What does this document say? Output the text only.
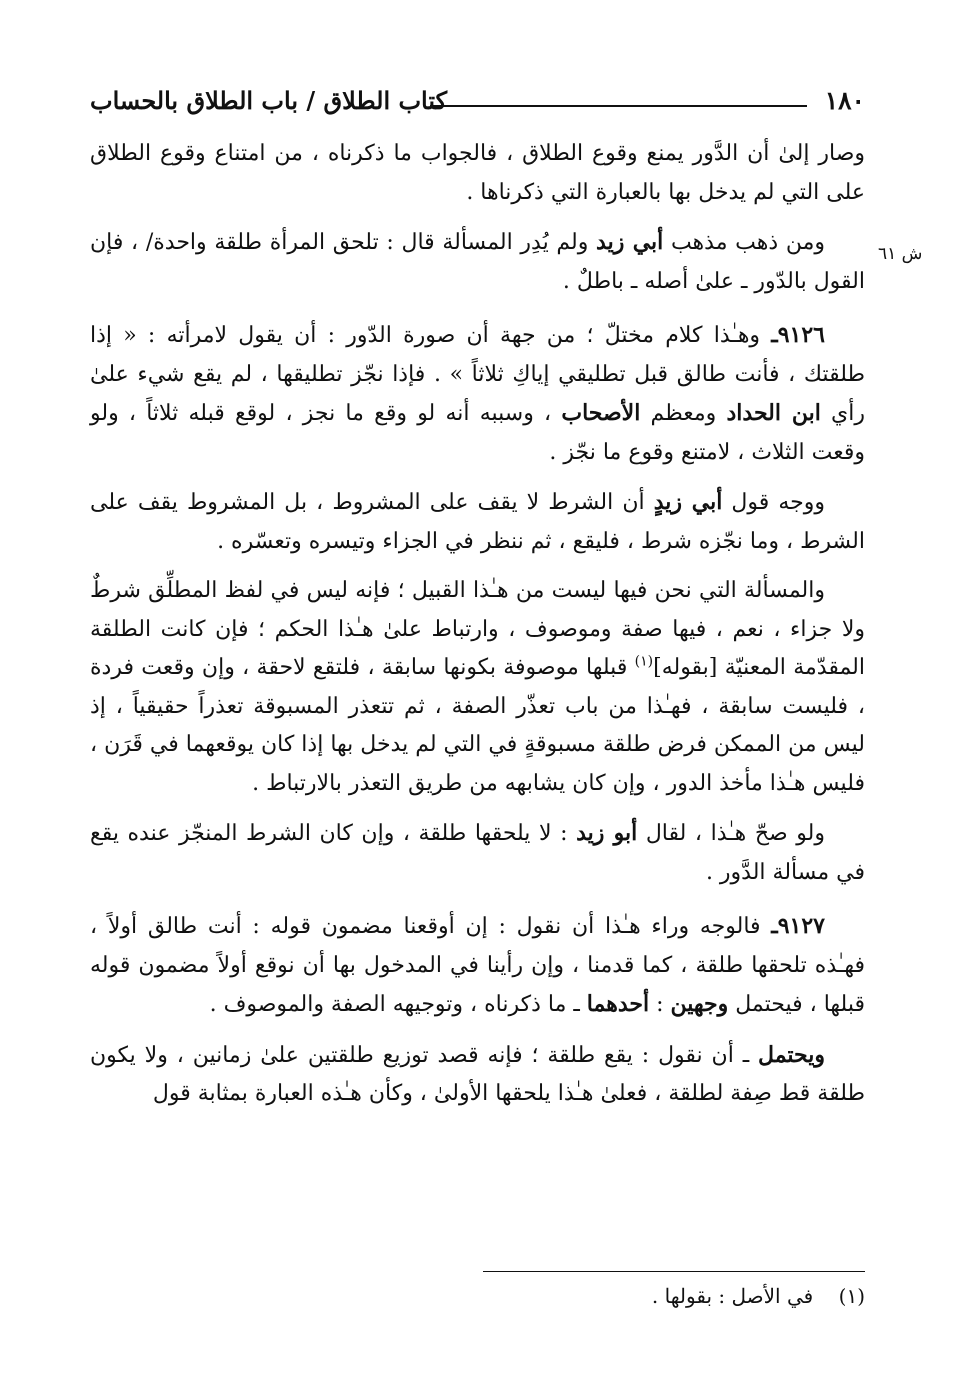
١٨٠
كتاب الطلاق / باب الطلاق بالحساب
ش ٦١

وصار إلىٰ أن الدَّور يمنع وقوع الطلاق ، فالجواب ما ذكرناه ، من امتناع وقوع الطلاق على التي لم يدخل بها بالعبارة التي ذكرناها .

ومن ذهب مذهب أبي زيد ولم يُدِر المسألة قال : تلحق المرأة طلقة واحدة/ ، فإن القول بالدّور ـ علىٰ أصله ـ باطلٌ .

٩١٢٦ـ وهـٰذا كلام مختلّ ؛ من جهة أن صورة الدّور : أن يقول لامرأته : « إذا طلقتك ، فأنت طالق قبل تطليقي إياكِ ثلاثاً » . فإذا نجّز تطليقها ، لم يقع شيء علىٰ رأي ابن الحداد ومعظم الأصحاب ، وسببه أنه لو وقع ما نجز ، لوقع قبله ثلاثاً ، ولو وقعت الثلاث ، لامتنع وقوع ما نجّز .

ووجه قول أبي زيدٍ أن الشرط لا يقف على المشروط ، بل المشروط يقف على الشرط ، وما نجّزه شرط ، فليقع ، ثم ننظر في الجزاء وتيسره وتعسّره .

والمسألة التي نحن فيها ليست من هـٰذا القبيل ؛ فإنه ليس في لفظ المطلِّق شرطٌ ولا جزاء ، نعم ، فيها صفة وموصوف ، وارتباط علىٰ هـٰذا الحكم ؛ فإن كانت الطلقة المقدّمة المعنيّة [بقوله]$^{(١)}$ قبلها موصوفة بكونها سابقة ، فلتقع لاحقة ، وإن وقعت فردة ، فليست سابقة ، فهـٰذا من باب تعذّر الصفة ، ثم تتعذر المسبوقة تعذراً حقيقياً ، إذ ليس من الممكن فرض طلقة مسبوقةٍ في التي لم يدخل بها إذا كان يوقعهما في قَرَن ، فليس هـٰذا مأخذ الدور ، وإن كان يشابهه من طريق التعذر بالارتباط .

ولو صحّ هـٰذا ، لقال أبو زيد : لا يلحقها طلقة ، وإن كان الشرط المنجّز عنده يقع في مسألة الدَّور .

٩١٢٧ـ فالوجه وراء هـٰذا أن نقول : إن أوقعنا مضمون قوله : أنت طالق أولاً ، فهـٰذه تلحقها طلقة ، كما قدمنا ، وإن رأينا في المدخول بها أن نوقع أولاً مضمون قوله قبلها ، فيحتمل وجهين : أحدهما ـ ما ذكرناه ، وتوجيهه الصفة والموصوف .

ويحتمل ـ أن نقول : يقع طلقة ؛ فإنه قصد توزيع طلقتين علىٰ زمانين ، ولا يكون طلقة قط صِفة لطلقة ، فعلىٰ هـٰذا يلحقها الأولىٰ ، وكأن هـٰذه العبارة بمثابة قول

(١)    في الأصل : بقولها .
